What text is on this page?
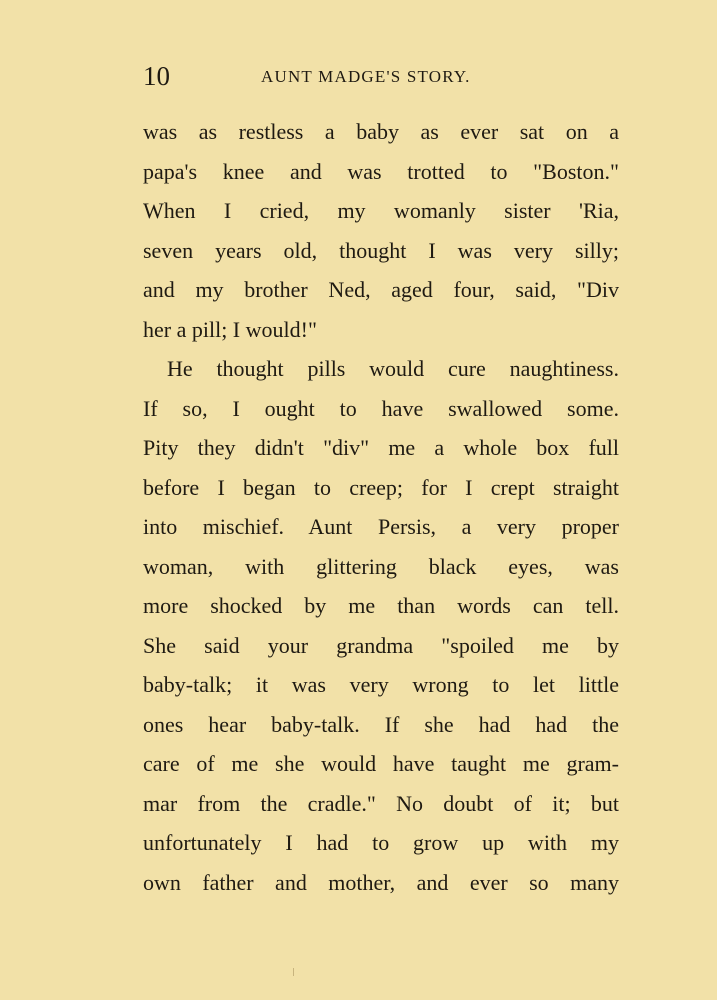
10	AUNT MADGE'S STORY.
was as restless a baby as ever sat on a
papa's knee and was trotted to "Boston."
When I cried, my womanly sister 'Ria,
seven years old, thought I was very silly;
and my brother Ned, aged four, said, "Div
her a pill; I would!"
He thought pills would cure naughtiness.
If so, I ought to have swallowed some.
Pity they didn't "div" me a whole box full
before I began to creep; for I crept straight
into mischief. Aunt Persis, a very proper
woman, with glittering black eyes, was
more shocked by me than words can tell.
She said your grandma "spoiled me by
baby-talk; it was very wrong to let little
ones hear baby-talk. If she had had the
care of me she would have taught me gram-
mar from the cradle." No doubt of it; but
unfortunately I had to grow up with my
own father and mother, and ever so many
